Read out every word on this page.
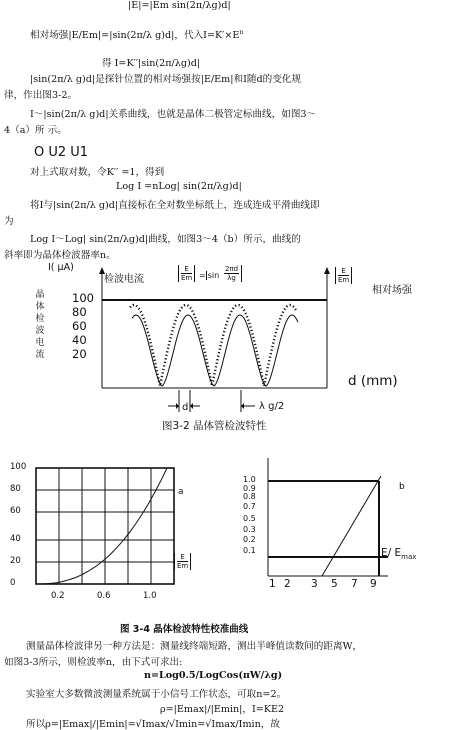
|E|=|Em sin(2π/λg)d|
相对场强|E/Em|=|sin(2π/λ g)d|，代入$I=K'\times E^n$
得 I=K′′|sin(2π/λg)d|
|sin(2π/λ g)d|是探针位置的相对场强按|E/Em|和I随d的变化规
律，作出图3-2。
I～|sin(2π/λ g)d|关系曲线，也就是晶体二极管定标曲线，如图3～
4（a）所 示。
O U2 U1
对上式取对数，令K′′ =1，得到
Log I =nLog| sin(2π/λg)d|
将I与|sin(2π/λ g)d|直接标在全对数坐标纸上，连成连成平滑曲线即
为
Log I～Log| sin(2π/λg)d|曲线，如图3～4（b）所示，曲线的
斜率即为晶体检波器率n。
I( μA)
检波电流
晶
体
检
波
电
流
E
Em = sin
2πd
λg
E
Em
相对场强
100
80
60
40
20
d (mm)
d	λ g/2
图3-2 晶体管检波特性
100
80
60
40
20
0
0.2	0.6	1.0
a
E
Em
1.0
0.9
0.8
0.7
0.5
0.3
0.2
0.1
1 2 3 5 7 9
b
E/ $E_{max}$
图 3-4 晶体检波特性校准曲线
测量晶体检波律另一种方法是：测量线终端短路，测出半峰值读数间的距离W，
如图3-3所示，则检波率n，由下式可求出:
n=Log0.5/LogCos(πW/λg)
实验室大多数微波测量系统属于小信号工作状态，可取n=2。
ρ=|Emax|/|Emin|，I=KE2
所以ρ=|Emax|/|Emin|=√Imax/√Imin=√Imax/Imin，故
